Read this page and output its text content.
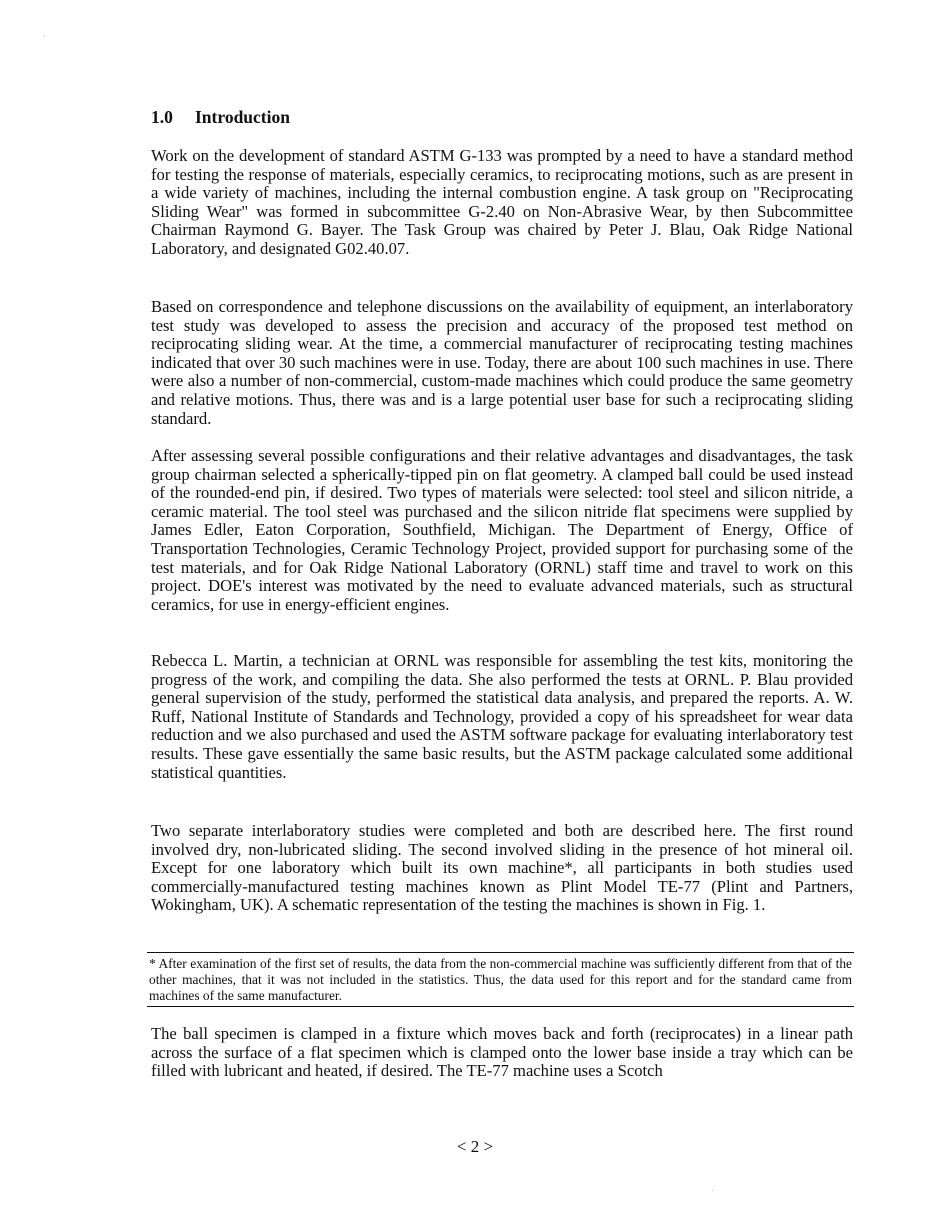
1.0 Introduction

Work on the development of standard ASTM G-133 was prompted by a need to have a standard method for testing the response of materials, especially ceramics, to reciprocating motions, such as are present in a wide variety of machines, including the internal combustion engine. A task group on "Reciprocating Sliding Wear" was formed in subcommittee G-2.40 on Non-Abrasive Wear, by then Subcommittee Chairman Raymond G. Bayer. The Task Group was chaired by Peter J. Blau, Oak Ridge National Laboratory, and designated G02.40.07.

Based on correspondence and telephone discussions on the availability of equipment, an interlaboratory test study was developed to assess the precision and accuracy of the proposed test method on reciprocating sliding wear. At the time, a commercial manufacturer of reciprocating testing machines indicated that over 30 such machines were in use. Today, there are about 100 such machines in use. There were also a number of non-commercial, custom-made machines which could produce the same geometry and relative motions. Thus, there was and is a large potential user base for such a reciprocating sliding standard.

After assessing several possible configurations and their relative advantages and disadvantages, the task group chairman selected a spherically-tipped pin on flat geometry. A clamped ball could be used instead of the rounded-end pin, if desired. Two types of materials were selected: tool steel and silicon nitride, a ceramic material. The tool steel was purchased and the silicon nitride flat specimens were supplied by James Edler, Eaton Corporation, Southfield, Michigan. The Department of Energy, Office of Transportation Technologies, Ceramic Technology Project, provided support for purchasing some of the test materials, and for Oak Ridge National Laboratory (ORNL) staff time and travel to work on this project. DOE's interest was motivated by the need to evaluate advanced materials, such as structural ceramics, for use in energy-efficient engines.

Rebecca L. Martin, a technician at ORNL was responsible for assembling the test kits, monitoring the progress of the work, and compiling the data. She also performed the tests at ORNL. P. Blau provided general supervision of the study, performed the statistical data analysis, and prepared the reports. A. W. Ruff, National Institute of Standards and Technology, provided a copy of his spreadsheet for wear data reduction and we also purchased and used the ASTM software package for evaluating interlaboratory test results. These gave essentially the same basic results, but the ASTM package calculated some additional statistical quantities.

Two separate interlaboratory studies were completed and both are described here. The first round involved dry, non-lubricated sliding. The second involved sliding in the presence of hot mineral oil. Except for one laboratory which built its own machine*, all participants in both studies used commercially-manufactured testing machines known as Plint Model TE-77 (Plint and Partners, Wokingham, UK). A schematic representation of the testing the machines is shown in Fig. 1.

* After examination of the first set of results, the data from the non-commercial machine was sufficiently different from that of the other machines, that it was not included in the statistics. Thus, the data used for this report and for the standard came from machines of the same manufacturer.

The ball specimen is clamped in a fixture which moves back and forth (reciprocates) in a linear path across the surface of a flat specimen which is clamped onto the lower base inside a tray which can be filled with lubricant and heated, if desired. The TE-77 machine uses a Scotch

< 2 >
